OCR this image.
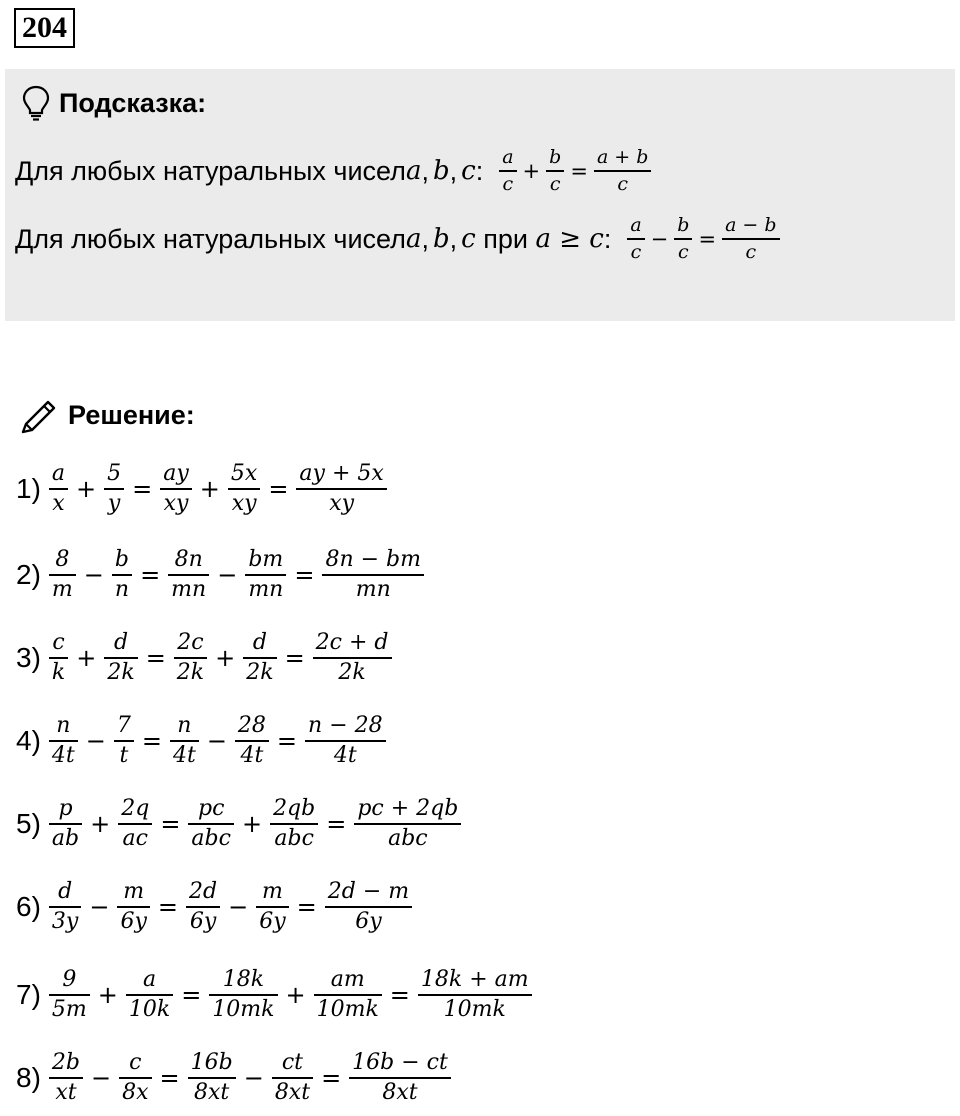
204
Подсказка:
Для любых натуральных чисел a , b , c : $\frac{a}{c} + \frac{b}{c} = \frac{a + b}{c}$
Для любых натуральных чисел a , b , c при a ≥ c : $\frac{a}{c} - \frac{b}{c} = \frac{a - b}{c}$
Решение:
$1) \frac{a}{x} + \frac{5}{y} = \frac{ay}{xy} + \frac{5x}{xy} = \frac{ay + 5x}{xy}$
$2) \frac{8}{m} - \frac{b}{n} = \frac{8n}{mn} - \frac{bm}{mn} = \frac{8n - bm}{mn}$
$3) \frac{c}{k} + \frac{d}{2k} = \frac{2c}{2k} + \frac{d}{2k} = \frac{2c + d}{2k}$
$4) \frac{n}{4t} - \frac{7}{t} = \frac{n}{4t} - \frac{28}{4t} = \frac{n - 28}{4t}$
$5) \frac{p}{ab} + \frac{2q}{ac} = \frac{pc}{\text{abc}} + \frac{2qb}{\text{abc}} = \frac{pc + 2qb}{\text{abc}}$
$6) \frac{d}{3y} - \frac{m}{6y} = \frac{2d}{6y} - \frac{m}{6y} = \frac{2d - m}{6y}$
$7) \frac{9}{5m} + \frac{a}{10k} = \frac{18k}{10mk} + \frac{am}{10mk} = \frac{18k + am}{10mk}$
$8) \frac{2b}{xt} - \frac{c}{8x} = \frac{16b}{8xt} - \frac{ct}{8xt} = \frac{16b - ct}{8xt}$
